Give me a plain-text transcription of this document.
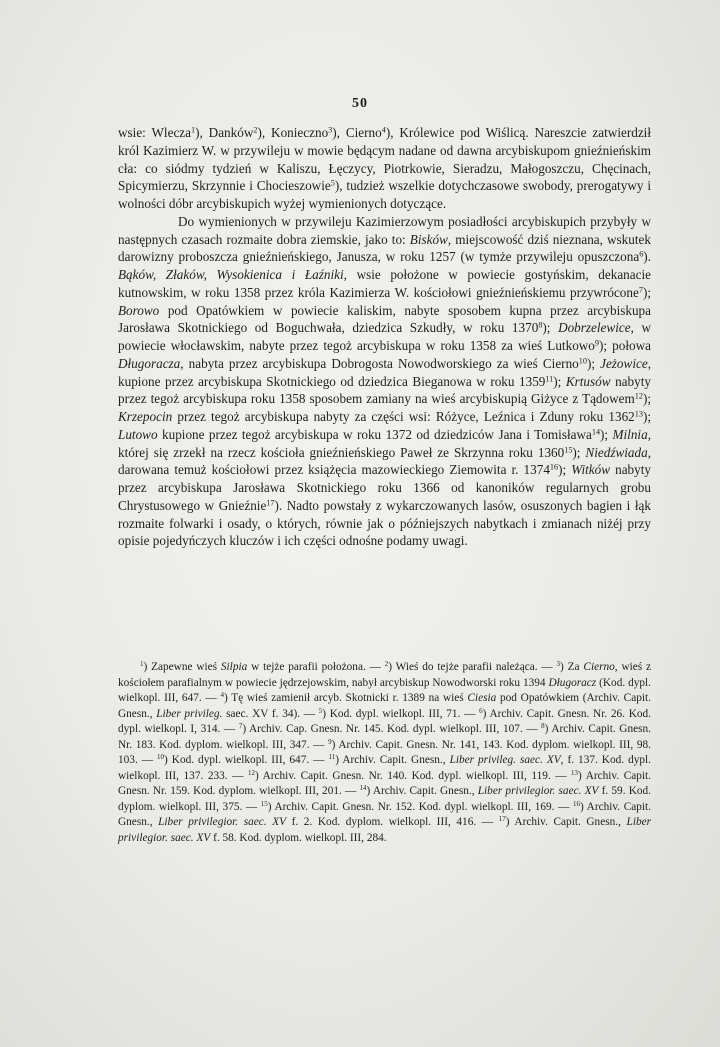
50

wsie: Wlecza$^1$), Danków$^2$), Konieczno$^3$), Cierno$^4$), Królewice pod Wiślicą. Nareszcie zatwierdził król Kazimierz W. w przywileju w mowie będącym nadane od dawna arcybiskupom gnieźnieńskim cła: co siódmy tydzień w Kaliszu, Łęczycy, Piotrkowie, Sieradzu, Małogoszczu, Chęcinach, Spicymierzu, Skrzynnie i Chocieszowie$^5$), tudzież wszelkie dotychczasowe swobody, prerogatywy i wolności dóbr arcybiskupich wyżej wymienionych dotyczące.

Do wymienionych w przywileju Kazimierzowym posiadłości arcybiskupich przybyły w następnych czasach rozmaite dobra ziemskie, jako to: Bisków, miejscowość dziś nieznana, wskutek darowizny proboszcza gnieźnieńskiego, Janusza, w roku 1257 (w tymże przywileju opuszczona$^6$). Bąków, Złaków, Wysokienica i Łaźniki, wsie położone w powiecie gostyńskim, dekanacie kutnowskim, w roku 1358 przez króla Kazimierza W. kościołowi gnieźnieńskiemu przywrócone$^7$); Borowo pod Opatówkiem w powiecie kaliskim, nabyte sposobem kupna przez arcybiskupa Jarosława Skotnickiego od Boguchwała, dziedzica Szkudły, w roku 1370$^8$); Dobrzelewice, w powiecie włocławskim, nabyte przez tegoż arcybiskupa w roku 1358 za wieś Lutkowo$^9$); połowa Długoracza, nabyta przez arcybiskupa Dobrogosta Nowodworskiego za wieś Cierno$^{10}$); Jeżowice, kupione przez arcybiskupa Skotnickiego od dziedzica Bieganowa w roku 1359$^{11}$); Krtusów nabyty przez tegoż arcybiskupa roku 1358 sposobem zamiany na wieś arcybiskupią Giżyce z Tądowem$^{12}$); Krzepocin przez tegoż arcybiskupa nabyty za części wsi: Różyce, Leźnica i Zduny roku 1362$^{13}$); Lutowo kupione przez tegoż arcybiskupa w roku 1372 od dziedziców Jana i Tomisława$^{14}$); Milnia, której się zrzekł na rzecz kościoła gnieźnieńskiego Paweł ze Skrzynna roku 1360$^{15}$); Niedźwiada, darowana temuż kościołowi przez książęcia mazowieckiego Ziemowita r. 1374$^{16}$); Witków nabyty przez arcybiskupa Jarosława Skotnickiego roku 1366 od kanoników regularnych grobu Chrystusowego w Gnieźnie$^{17}$). Nadto powstały z wykarczowanych lasów, osuszonych bagien i łąk rozmaite folwarki i osady, o których, równie jak o późniejszych nabytkach i zmianach niżéj przy opisie pojedyńczych kluczów i ich części odnośne podamy uwagi.

$^1$) Zapewne wieś Silpia w tejże parafii położona. — $^2$) Wieś do tejże parafii należąca. — $^3$) Za Cierno, wieś z kościołem parafialnym w powiecie jędrzejowskim, nabył arcybiskup Nowodworski roku 1394 Długoracz (Kod. dypl. wielkopl. III, 647. — $^4$) Tę wieś zamienił arcyb. Skotnicki r. 1389 na wieś Ciesia pod Opatówkiem (Archiv. Capit. Gnesn., Liber privileg. saec. XV f. 34). — $^5$) Kod. dypl. wielkopl. III, 71. — $^6$) Archiv. Capit. Gnesn. Nr. 26. Kod. dypl. wielkopl. I, 314. — $^7$) Archiv. Cap. Gnesn. Nr. 145. Kod. dypl. wielkopl. III, 107. — $^8$) Archiv. Capit. Gnesn. Nr. 183. Kod. dyplom. wielkopl. III, 347. — $^9$) Archiv. Capit. Gnesn. Nr. 141, 143. Kod. dyplom. wielkopl. III, 98. 103. — $^{10}$) Kod. dypl. wielkopl. III, 647. — $^{11}$) Archiv. Capit. Gnesn., Liber privileg. saec. XV, f. 137. Kod. dypl. wielkopl. III, 137. 233. — $^{12}$) Archiv. Capit. Gnesn. Nr. 140. Kod. dypl. wielkopl. III, 119. — $^{13}$) Archiv. Capit. Gnesn. Nr. 159. Kod. dyplom. wielkopl. III, 201. — $^{14}$) Archiv. Capit. Gnesn., Liber privilegior. saec. XV f. 59. Kod. dyplom. wielkopl. III, 375. — $^{15}$) Archiv. Capit. Gnesn. Nr. 152. Kod. dypl. wielkopl. III, 169. — $^{16}$) Archiv. Capit. Gnesn., Liber privilegior. saec. XV f. 2. Kod. dyplom. wielkopl. III, 416. — $^{17}$) Archiv. Capit. Gnesn., Liber privilegior. saec. XV f. 58. Kod. dyplom. wielkopl. III, 284.
